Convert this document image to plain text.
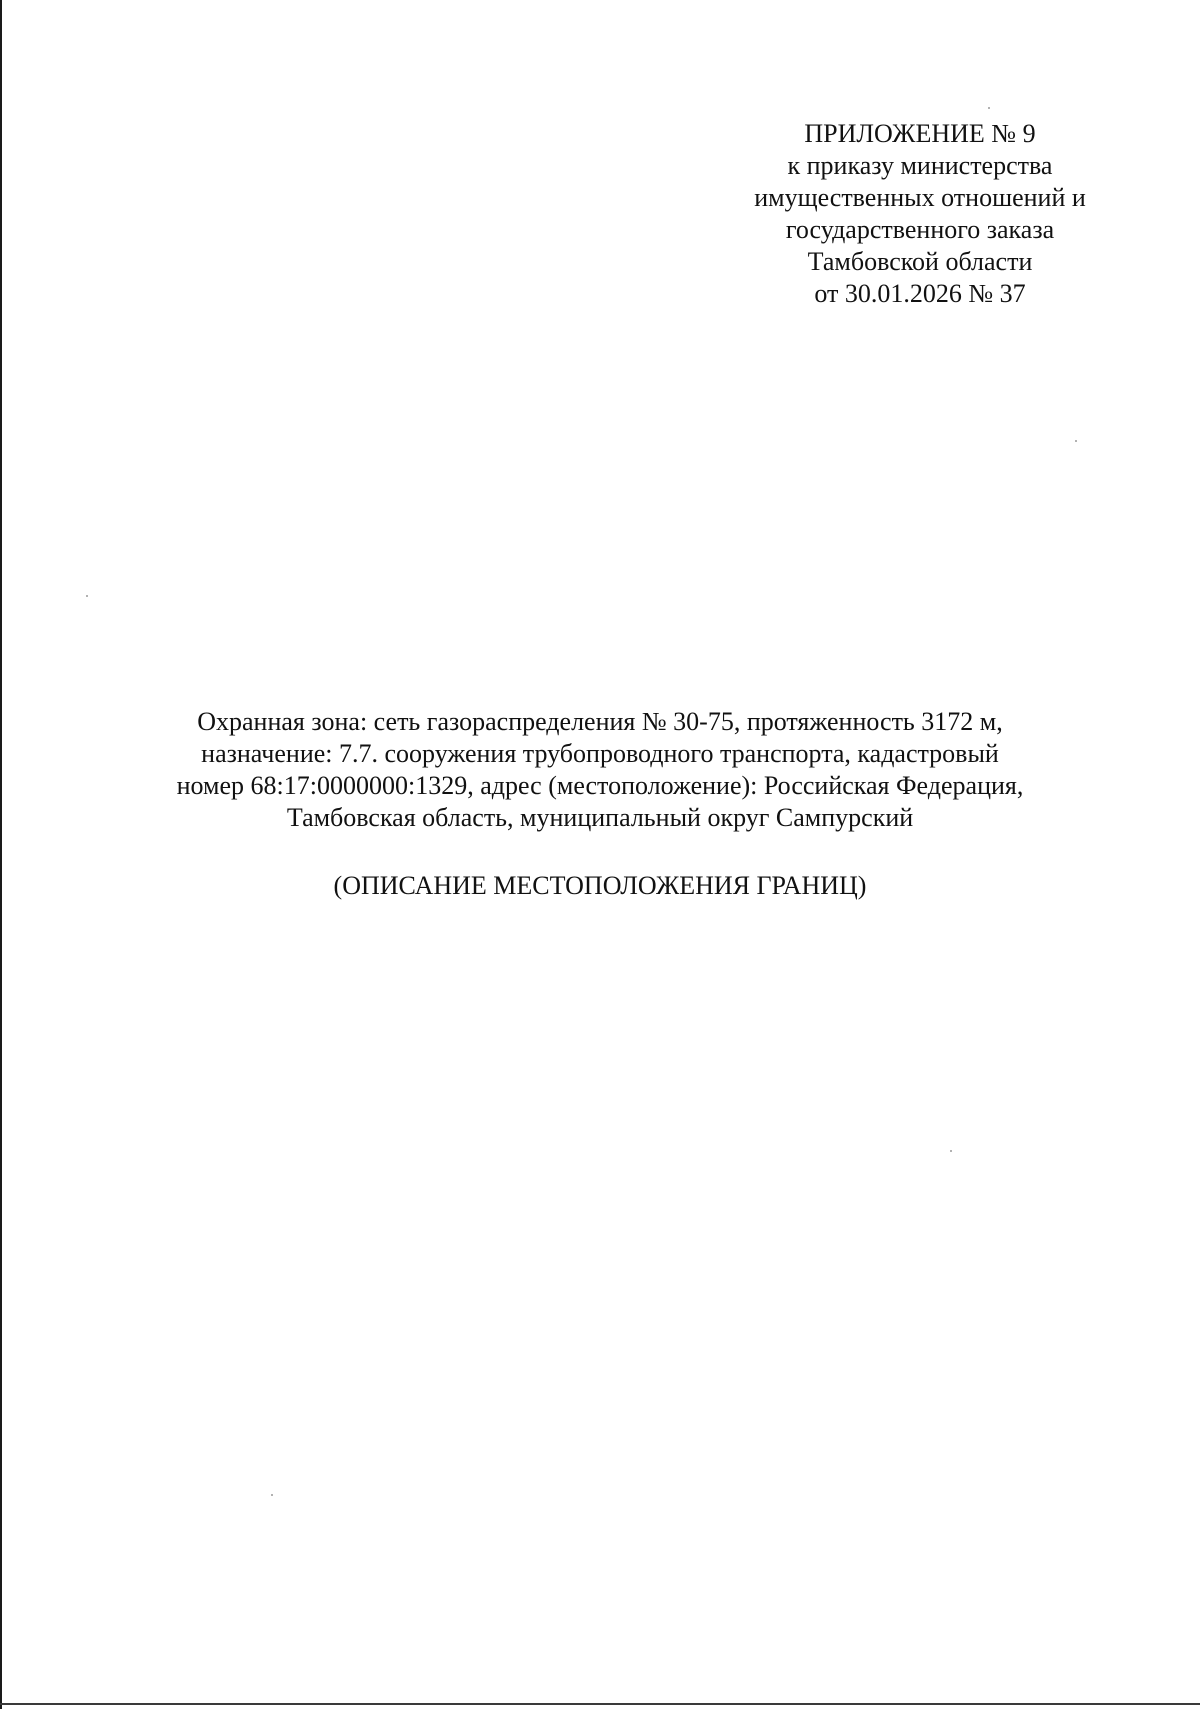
ПРИЛОЖЕНИЕ № 9
к приказу министерства
имущественных отношений и
государственного заказа
Тамбовской области
от 30.01.2026 № 37
Охранная зона: сеть газораспределения № 30-75, протяженность 3172 м,
назначение: 7.7. сооружения трубопроводного транспорта, кадастровый
номер 68:17:0000000:1329, адрес (местоположение): Российская Федерация,
Тамбовская область, муниципальный округ Сампурский
(ОПИСАНИЕ МЕСТОПОЛОЖЕНИЯ ГРАНИЦ)
